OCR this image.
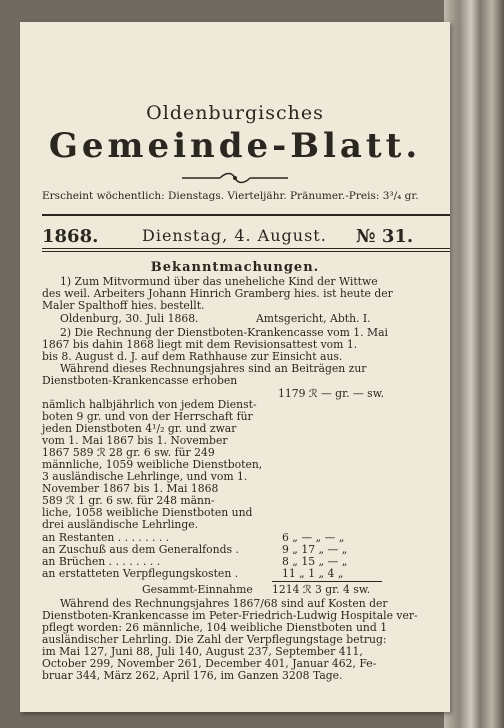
Oldenburgisches
Gemeinde-Blatt.
Erscheint wöchentlich: Dienstags. Vierteljähr. Pränumer.-Preis: 3³/₄ gr.
1868.	Dienstag, 4. August. № 31.
Bekanntmachungen.
1) Zum Mitvormund über das uneheliche Kind der Wittwe
des weil. Arbeiters Johann Hinrich Gramberg hies. ist heute der
Maler Spalthoff hies. bestellt.
Oldenburg, 30. Juli 1868.	Amtsgericht, Abth. I.
2) Die Rechnung der Dienstboten-Krankencasse vom 1. Mai
1867 bis dahin 1868 liegt mit dem Revisionsattest vom 1.
bis 8. August d. J. auf dem Rathhause zur Einsicht aus.
Während dieses Rechnungsjahres sind an Beiträgen zur
Dienstboten-Krankencasse erhoben
1179 ℛ — gr. — sw.
nämlich halbjährlich von jedem Dienst-
boten 9 gr. und von der Herrschaft für
jeden Dienstboten 4¹/₂ gr. und zwar
vom 1. Mai 1867 bis 1. November
1867 589 ℛ 28 gr. 6 sw. für 249
männliche, 1059 weibliche Dienstboten,
3 ausländische Lehrlinge, und vom 1.
November 1867 bis 1. Mai 1868
589 ℛ 1 gr. 6 sw. für 248 männ-
liche, 1058 weibliche Dienstboten und
drei ausländische Lehrlinge.
an Restanten . . . . . . . .	6 „ — „ — „
an Zuschuß aus dem Generalfonds .	9 „ 17 „ — „
an Brüchen . . . . . . . .	8 „ 15 „ — „
an erstatteten Verpflegungskosten .	11 „ 1 „ 4 „
Gesammt-Einnahme 1214 ℛ 3 gr. 4 sw.
Während des Rechnungsjahres 1867/68 sind auf Kosten der
Dienstboten-Krankencasse im Peter-Friedrich-Ludwig Hospitale ver-
pflegt worden: 26 männliche, 104 weibliche Dienstboten und 1
ausländischer Lehrling. Die Zahl der Verpflegungstage betrug:
im Mai 127, Juni 88, Juli 140, August 237, September 411,
October 299, November 261, December 401, Januar 462, Fe-
bruar 344, März 262, April 176, im Ganzen 3208 Tage.
